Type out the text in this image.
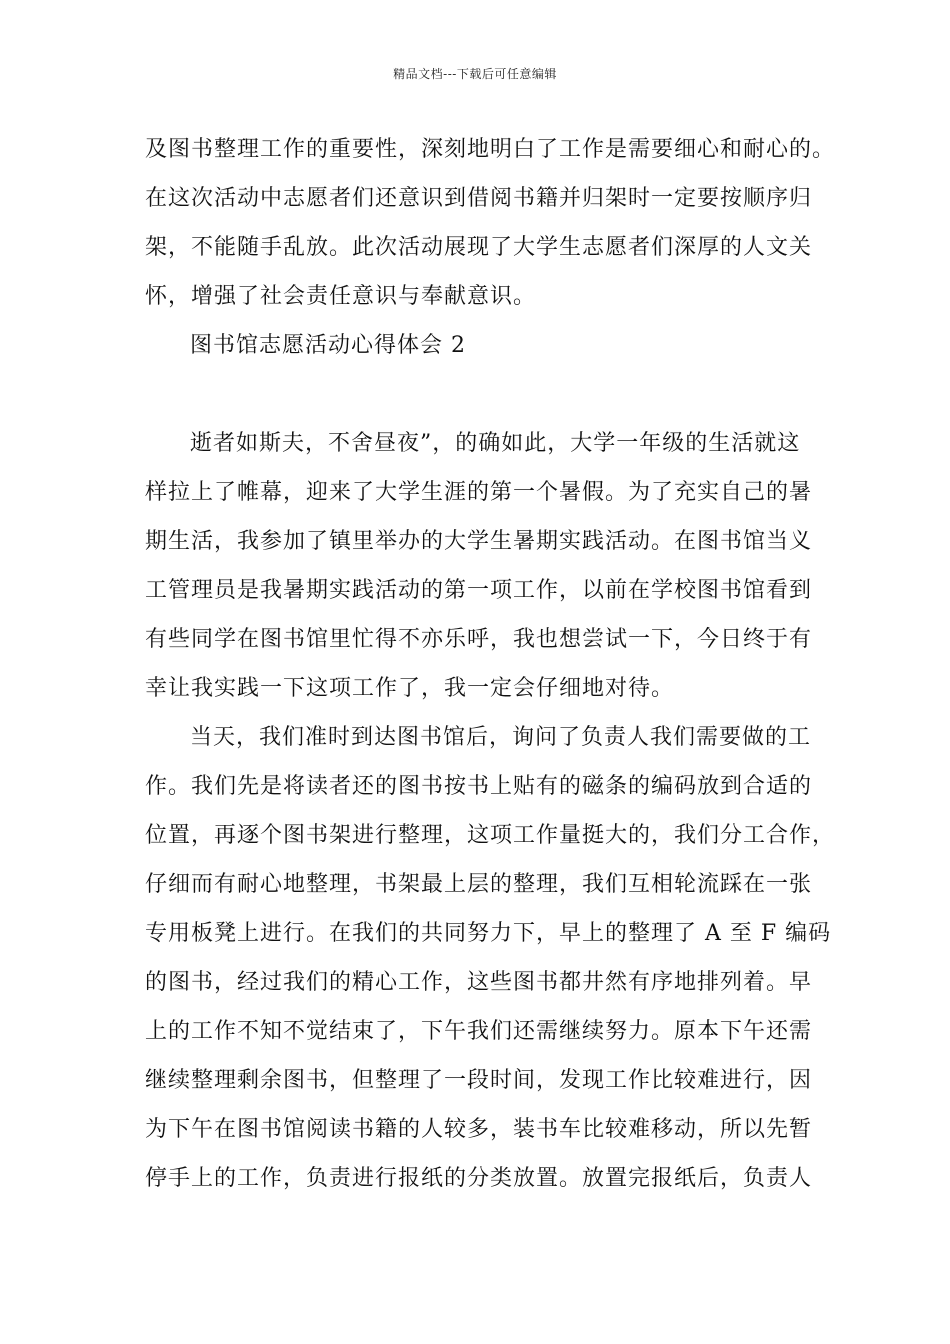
精品文档---下载后可任意编辑
及图书整理工作的重要性，深刻地明白了工作是需要细心和耐心的。
在这次活动中志愿者们还意识到借阅书籍并归架时一定要按顺序归
架，不能随手乱放。此次活动展现了大学生志愿者们深厚的人文关
怀，增强了社会责任意识与奉献意识。
图书馆志愿活动心得体会 2
逝者如斯夫，不舍昼夜”，的确如此，大学一年级的生活就这
样拉上了帷幕，迎来了大学生涯的第一个暑假。为了充实自己的暑
期生活，我参加了镇里举办的大学生暑期实践活动。在图书馆当义
工管理员是我暑期实践活动的第一项工作，以前在学校图书馆看到
有些同学在图书馆里忙得不亦乐呼，我也想尝试一下，今日终于有
幸让我实践一下这项工作了，我一定会仔细地对待。
当天，我们准时到达图书馆后，询问了负责人我们需要做的工
作。我们先是将读者还的图书按书上贴有的磁条的编码放到合适的
位置，再逐个图书架进行整理，这项工作量挺大的，我们分工合作，
仔细而有耐心地整理，书架最上层的整理，我们互相轮流踩在一张
专用板凳上进行。在我们的共同努力下，早上的整理了 A 至 F 编码
的图书，经过我们的精心工作，这些图书都井然有序地排列着。早
上的工作不知不觉结束了，下午我们还需继续努力。原本下午还需
继续整理剩余图书，但整理了一段时间，发现工作比较难进行，因
为下午在图书馆阅读书籍的人较多，装书车比较难移动，所以先暂
停手上的工作，负责进行报纸的分类放置。放置完报纸后，负责人
